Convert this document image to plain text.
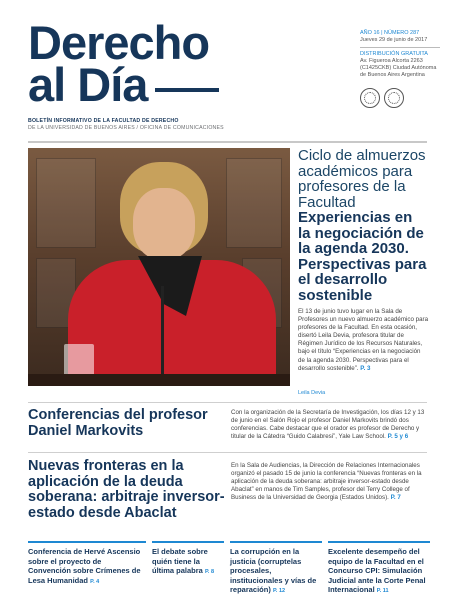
Derecho
al Día
BOLETÍN INFORMATIVO DE LA FACULTAD DE DERECHO
DE LA UNIVERSIDAD DE BUENOS AIRES / OFICINA DE COMUNICACIONES
AÑO 16 | NÚMERO 287
Jueves 29 de junio de 2017
DISTRIBUCIÓN GRATUITA
Av. Figueroa Alcorta 2263 (C1425CKB) Ciudad Autónoma de Buenos Aires Argentina
Leila Devia
Ciclo de almuerzos académicos para profesores de la Facultad
Experiencias en la negociación de la agenda 2030. Perspectivas para el desarrollo sostenible
El 13 de junio tuvo lugar en la Sala de Profesores un nuevo almuerzo académico para profesores de la Facultad. En esta ocasión, disertó Leila Devia, profesora titular de Régimen Jurídico de los Recursos Naturales, bajo el título “Experiencias en la negociación de la agenda 2030. Perspectivas para el desarrollo sostenible”. P. 3
Conferencias del profesor Daniel Markovits
Con la organización de la Secretaría de Investigación, los días 12 y 13 de junio en el Salón Rojo el profesor Daniel Markovits brindó dos conferencias. Cabe destacar que el orador es profesor de Derecho y titular de la Cátedra “Guido Calabresi”, Yale Law School. P. 5 y 6
Nuevas fronteras en la aplicación de la deuda soberana: arbitraje inversor-estado desde Abaclat
En la Sala de Audiencias, la Dirección de Relaciones Internacionales organizó el pasado 15 de junio la conferencia “Nuevas fronteras en la aplicación de la deuda soberana: arbitraje inversor-estado desde Abaclat” en manos de Tim Samples, profesor del Terry College of Business de la Universidad de Georgia (Estados Unidos). P. 7
Conferencia de Hervé Ascensio sobre el proyecto de Convención sobre Crímenes de Lesa Humanidad P. 4
El debate sobre quién tiene la última palabra P. 8
La corrupción en la justicia (corruptelas procesales, institucionales y vías de reparación) P. 12
Excelente desempeño del equipo de la Facultad en el Concurso CPI: Simulación Judicial ante la Corte Penal Internacional P. 11
